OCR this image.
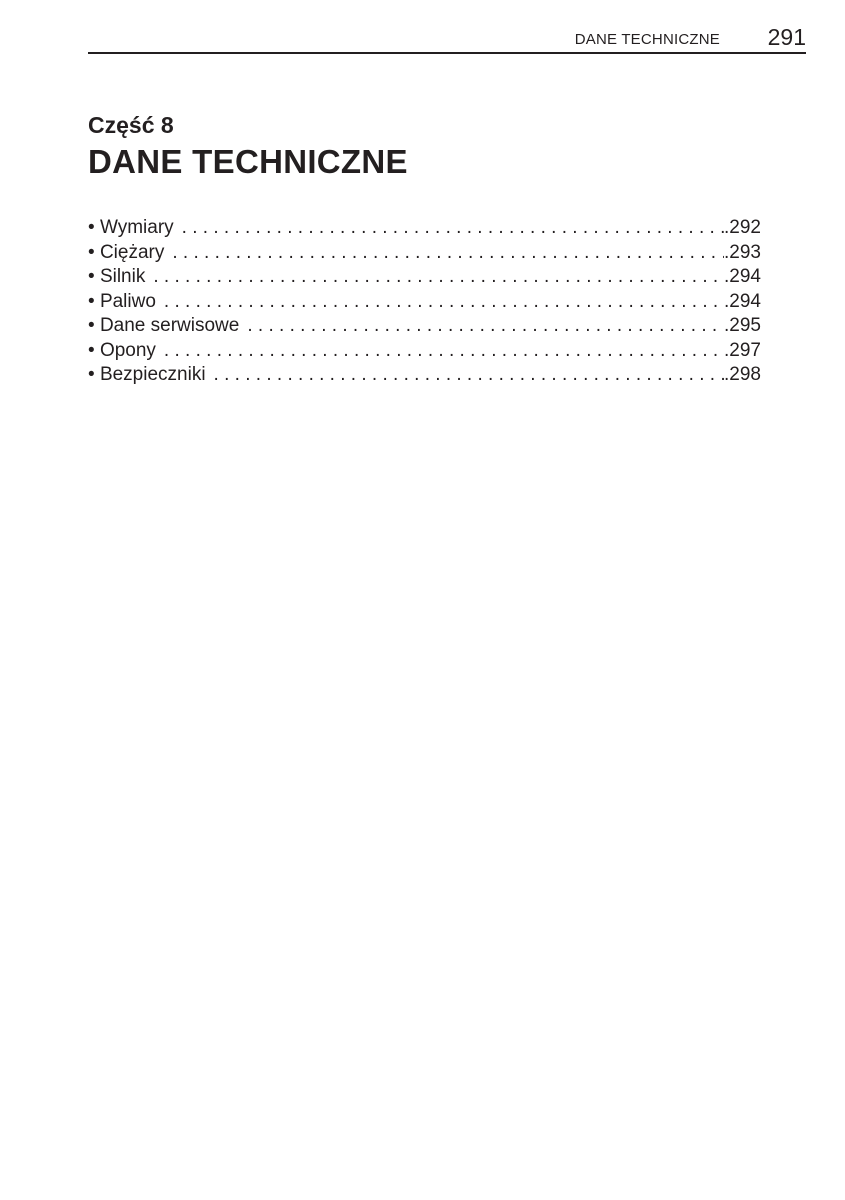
DANE TECHNICZNE 291
Część 8
DANE TECHNICZNE
• Wymiary . . .	.292
• Ciężary . . .	.293
• Silnik . . .	.294
• Paliwo . . .	.294
• Dane serwisowe . . .	.295
• Opony . . .	.297
• Bezpieczniki . . .	.298
